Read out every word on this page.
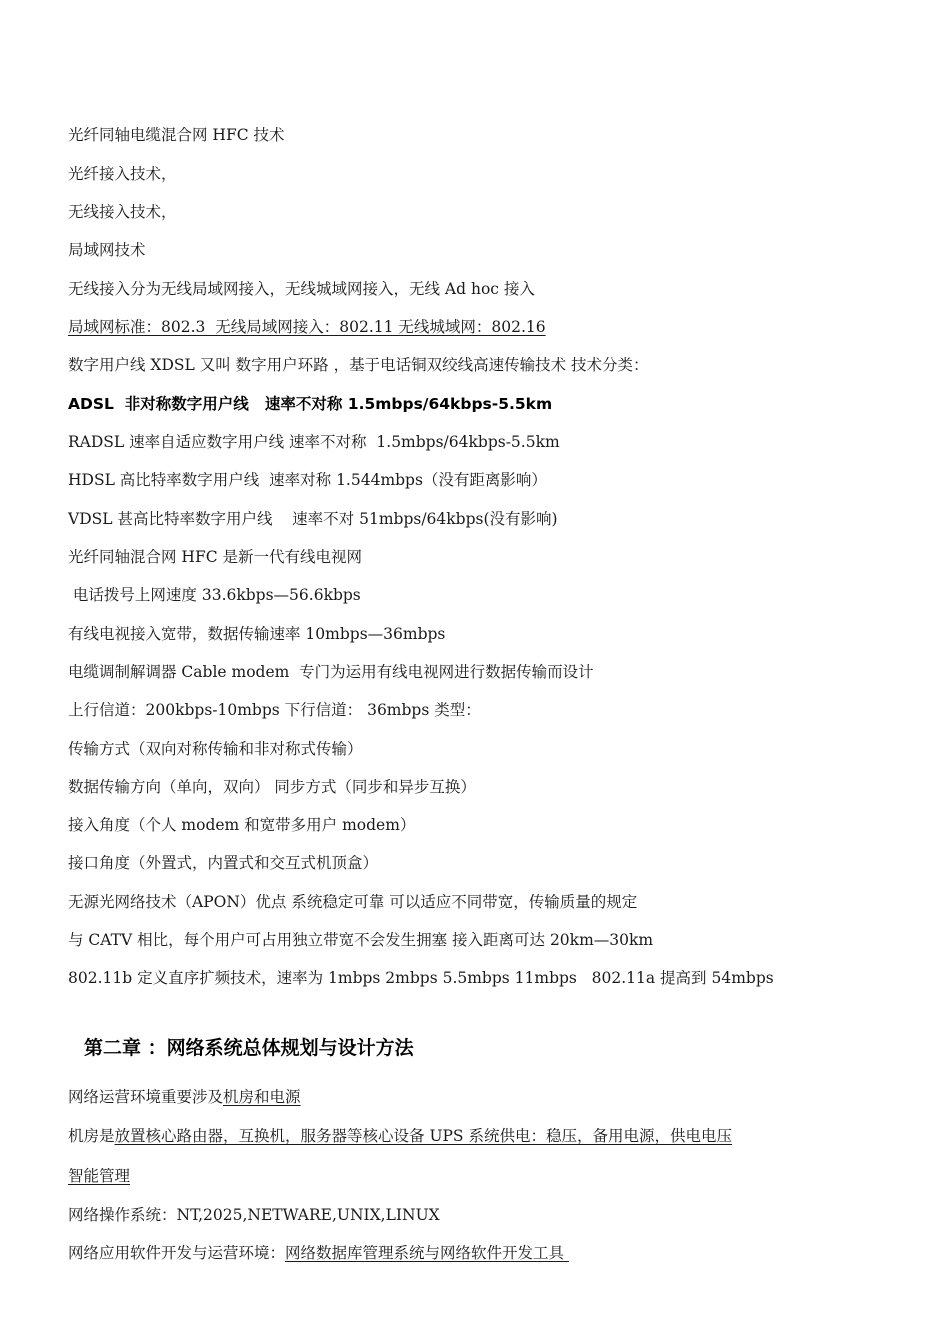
光纤同轴电缆混合网 HFC 技术
光纤接入技术，
无线接入技术，
局域网技术
无线接入分为无线局域网接入，无线城域网接入，无线 Ad hoc 接入
局域网标准：802.3  无线局域网接入：802.11 无线城域网：802.16
数字用户线 XDSL 又叫 数字用户环路 ，基于电话铜双绞线高速传输技术 技术分类：
ADSL  非对称数字用户线   速率不对称 1.5mbps/64kbps-5.5km
RADSL 速率自适应数字用户线 速率不对称  1.5mbps/64kbps-5.5km
HDSL 高比特率数字用户线  速率对称 1.544mbps（没有距离影响）
VDSL 甚高比特率数字用户线    速率不对 51mbps/64kbps(没有影响)
光纤同轴混合网 HFC 是新一代有线电视网
电话拨号上网速度 33.6kbps—56.6kbps
有线电视接入宽带，数据传输速率 10mbps—36mbps
电缆调制解调器 Cable modem  专门为运用有线电视网进行数据传输而设计
上行信道：200kbps-10mbps 下行信道： 36mbps 类型：
传输方式（双向对称传输和非对称式传输）
数据传输方向（单向，双向） 同步方式（同步和异步互换）
接入角度（个人 modem 和宽带多用户 modem）
接口角度（外置式，内置式和交互式机顶盒）
无源光网络技术（APON）优点 系统稳定可靠 可以适应不同带宽，传输质量的规定
与 CATV 相比，每个用户可占用独立带宽不会发生拥塞 接入距离可达 20km—30km
802.11b 定义直序扩频技术，速率为 1mbps 2mbps 5.5mbps 11mbps   802.11a 提高到 54mbps
第二章 ：网络系统总体规划与设计方法
网络运营环境重要涉及机房和电源
机房是放置核心路由器，互换机，服务器等核心设备 UPS 系统供电：稳压，备用电源，供电电压
智能管理
网络操作系统：NT,2025,NETWARE,UNIX,LINUX
网络应用软件开发与运营环境：网络数据库管理系统与网络软件开发工具
